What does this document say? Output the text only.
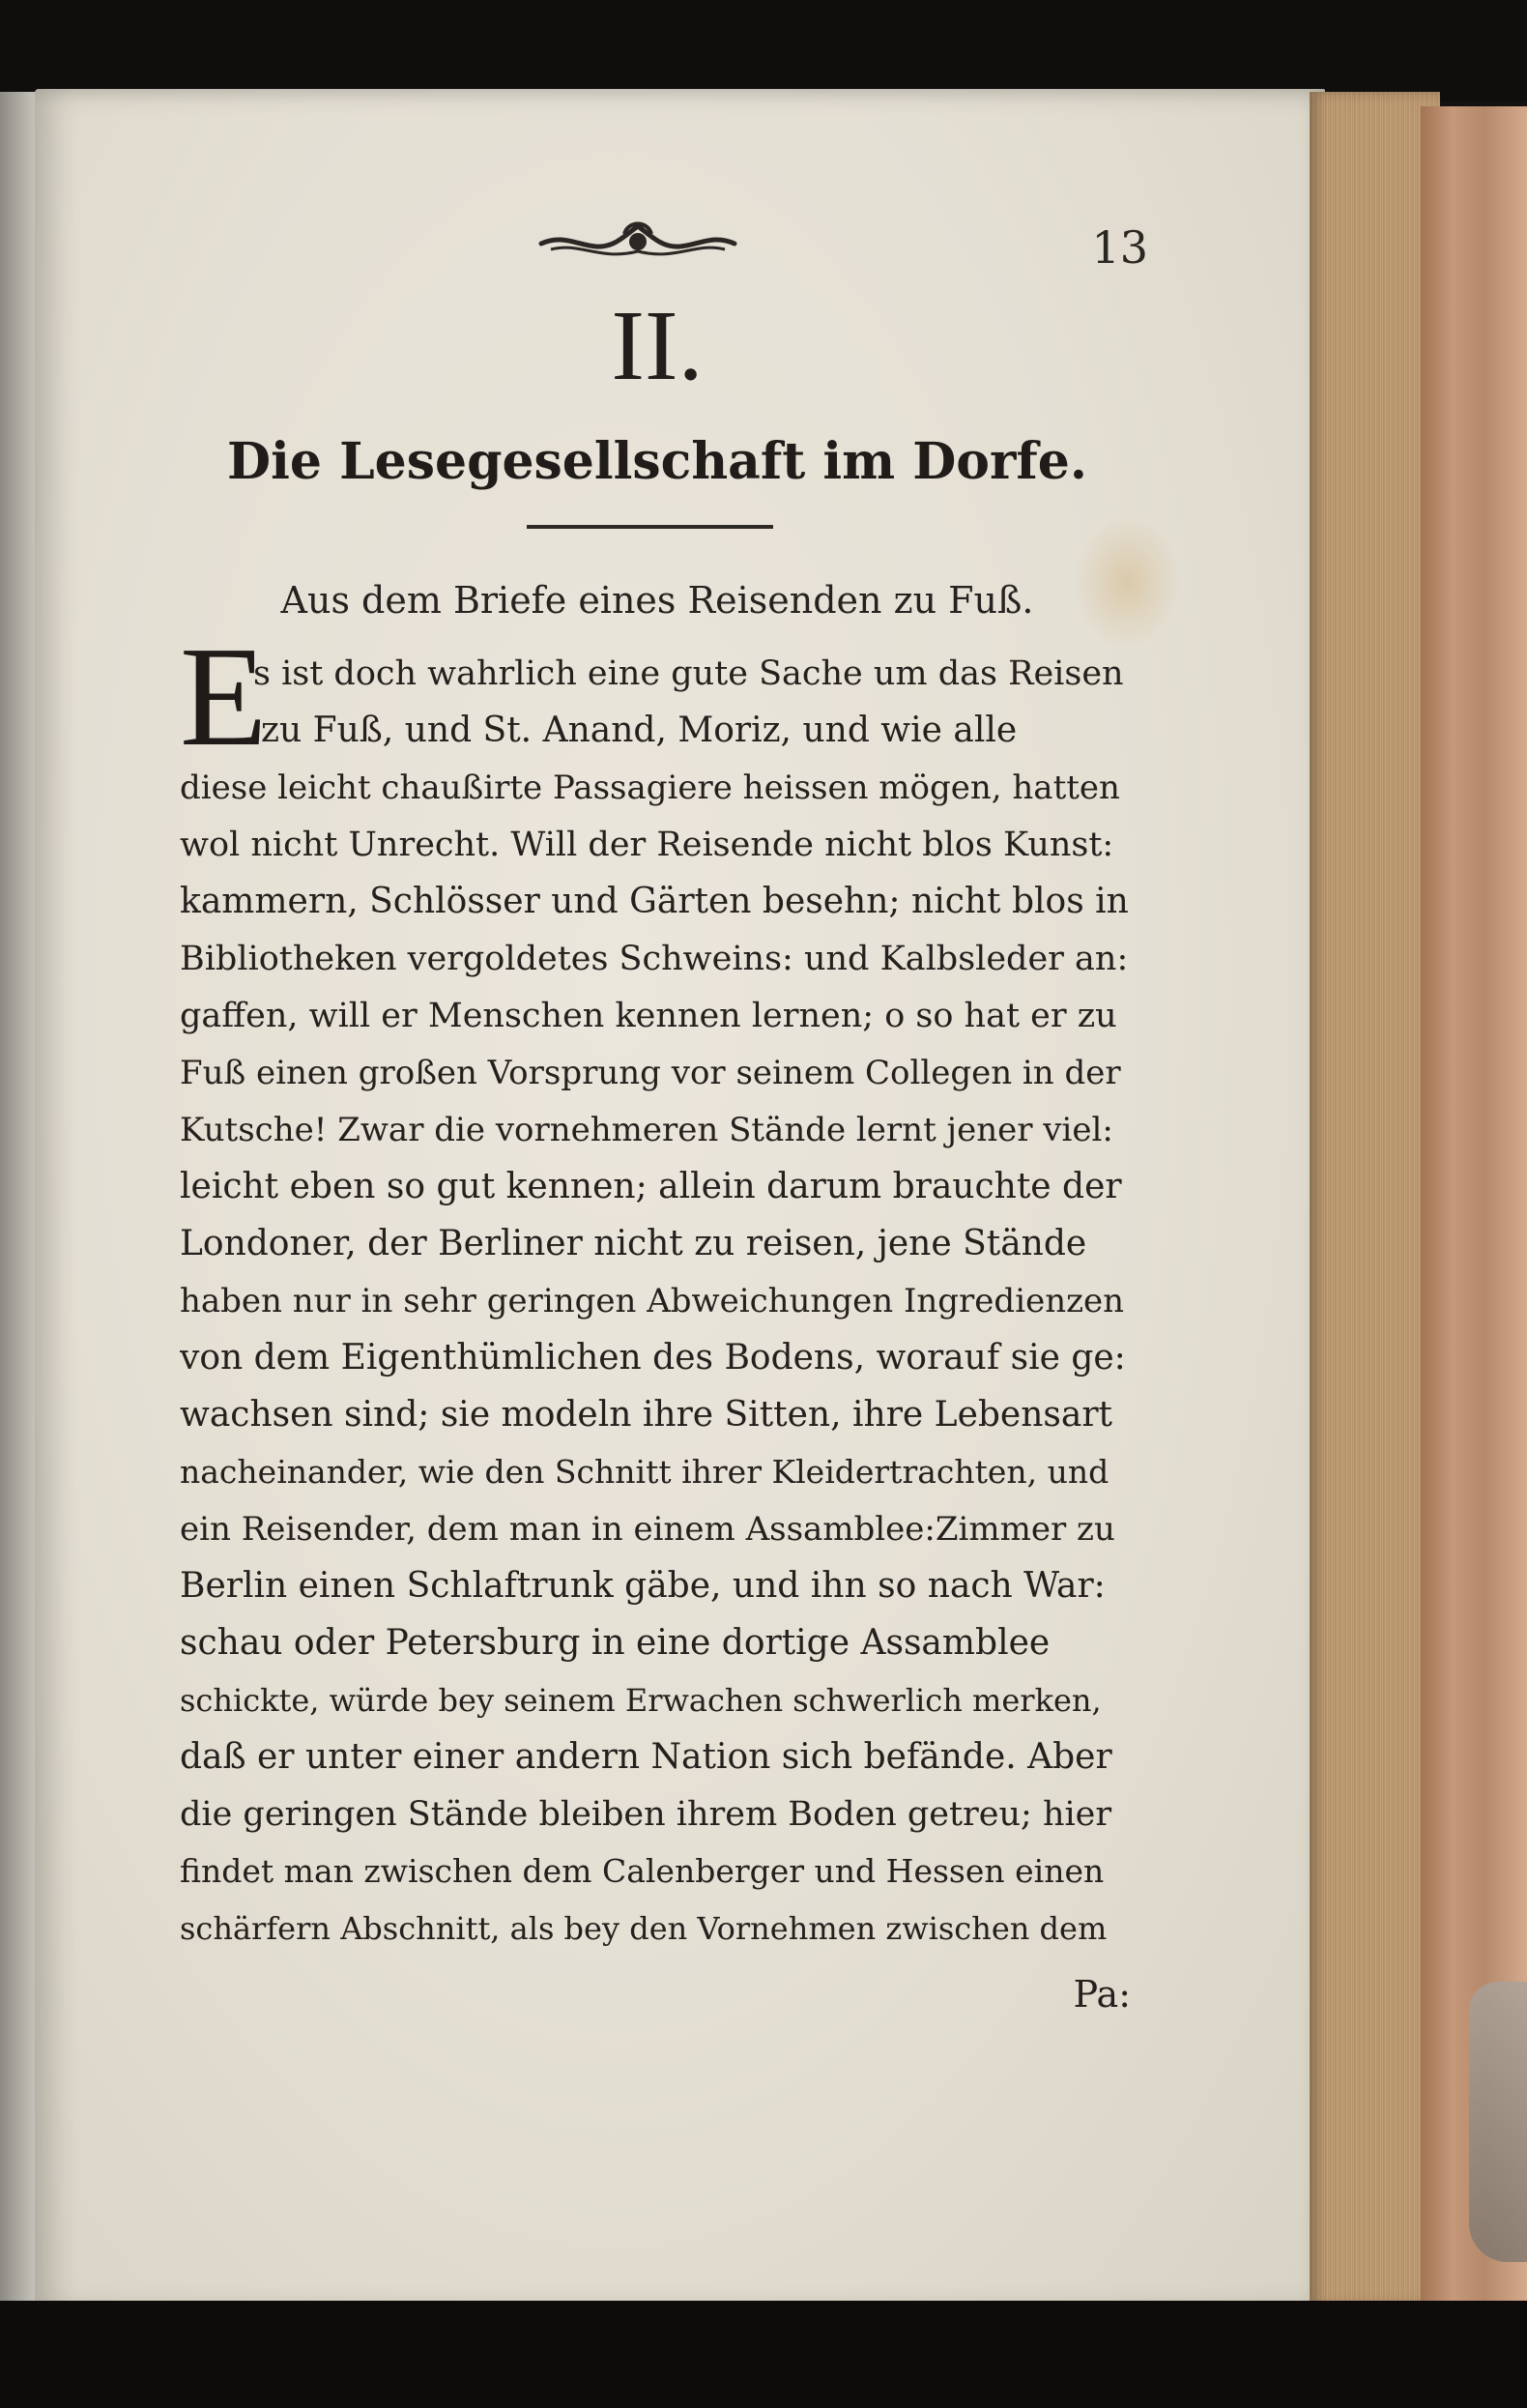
13
II.
Die Lesegesellschaft im Dorfe.
Aus dem Briefe eines Reisenden zu Fuß.
E
s ist doch wahrlich eine gute Sache um das Reisen
zu Fuß, und St. Anand, Moriz, und wie alle
diese leicht chaußirte Passagiere heissen mögen, hatten
wol nicht Unrecht. Will der Reisende nicht blos Kunst:
kammern, Schlösser und Gärten besehn; nicht blos in
Bibliotheken vergoldetes Schweins: und Kalbsleder an:
gaffen, will er Menschen kennen lernen; o so hat er zu
Fuß einen großen Vorsprung vor seinem Collegen in der
Kutsche! Zwar die vornehmeren Stände lernt jener viel:
leicht eben so gut kennen; allein darum brauchte der
Londoner, der Berliner nicht zu reisen, jene Stände
haben nur in sehr geringen Abweichungen Ingredienzen
von dem Eigenthümlichen des Bodens, worauf sie ge:
wachsen sind; sie modeln ihre Sitten, ihre Lebensart
nacheinander, wie den Schnitt ihrer Kleidertrachten, und
ein Reisender, dem man in einem Assamblee:Zimmer zu
Berlin einen Schlaftrunk gäbe, und ihn so nach War:
schau oder Petersburg in eine dortige Assamblee
schickte, würde bey seinem Erwachen schwerlich merken,
daß er unter einer andern Nation sich befände. Aber
die geringen Stände bleiben ihrem Boden getreu; hier
findet man zwischen dem Calenberger und Hessen einen
schärfern Abschnitt, als bey den Vornehmen zwischen dem
Pa:
